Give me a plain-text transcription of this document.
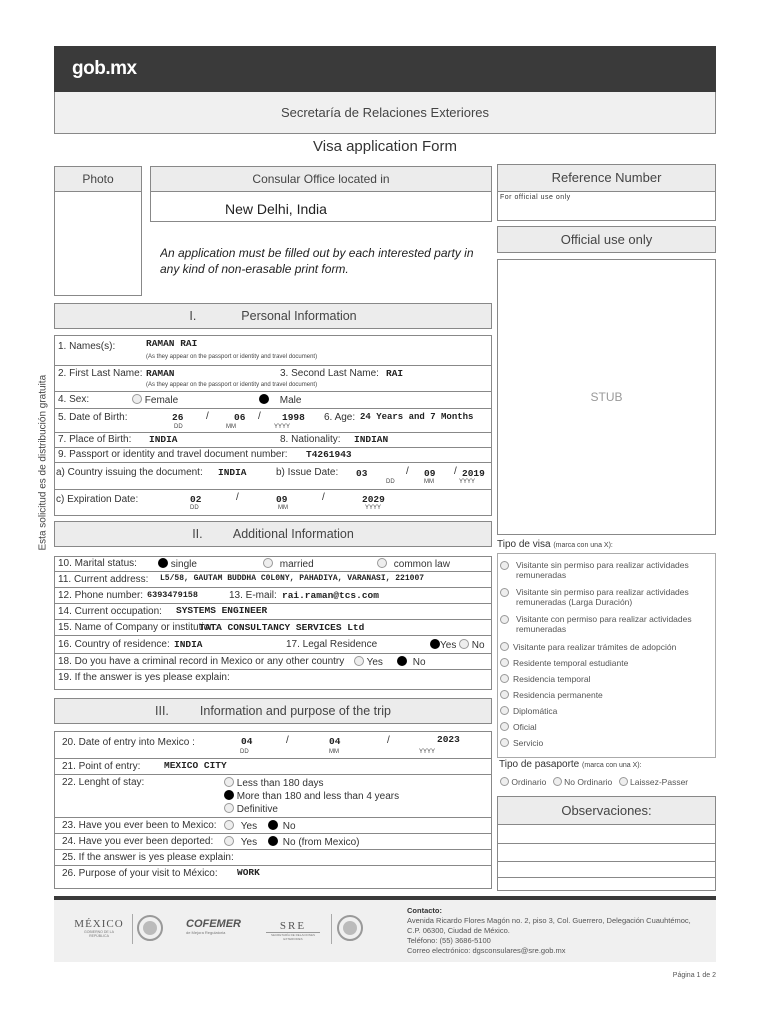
gob.mx
Secretaría de Relaciones Exteriores
Visa application Form
Esta solicitud es de distribución gratuita
Photo	Consular Office located in
New Delhi, India
An application must be filled out by each interested party in any kind of non-erasable print form.
Reference Number
For official use only
Official use only
STUB
I.	Personal Information
1. Names(s):	RAMAN RAI
(As they appear on the passport or identity and travel document)
2. First Last Name: RAMAN	3. Second Last Name: RAI
(As they appear on the passport or identity and travel document)
4. Sex:	Female	Male
5. Date of Birth:	26
DD
/	06
MM
/ 1998
YYYY
6. Age: 24 Years and 7 Months
7. Place of Birth: INDIA	8. Nationality: INDIAN
9. Passport or identity and travel document number: T4261943
a) Country issuing the document: INDIA	b) Issue Date: 03
DD
/ 09
MM
/ 2019
YYYY
c) Expiration Date:	02
DD
/	09
MM
/	2029
YYYY
II. Additional Information
10. Marital status:	single	married	common law
11. Current address: L5/58, GAUTAM BUDDHA C0L0NY, PAHADIYA, VARANASI, 221007
12. Phone number: 6393479158	13. E-mail: rai.raman@tcs.com
14. Current occupation: SYSTEMS ENGINEER
15. Name of Company or institution:
TATA CONSULTANCY SERVICES Ltd
16. Country of residence: INDIA	17. Legal Residence	Yes	No
18. Do you have a criminal record in Mexico or any other country	Yes	No
19. If the answer is yes please explain:
III. Information and purpose of the trip
20. Date of entry into Mexico :	04
DD
/	04
MM
/	2023
YYYY
21. Point of entry: MEXICO CITY
22. Lenght of stay:	Less than 180 days
More than 180 and less than 4 years
Definitive
23. Have you ever been to Mexico:	Yes	No
24. Have you ever been deported:	Yes	No (from Mexico)
25. If the answer is yes please explain:
26. Purpose of your visit to México: WORK
Tipo de visa (marca con una X):
Visitante sin permiso para realizar actividades remuneradas
Visitante sin permiso para realizar actividades remuneradas (Larga Duración)
Visitante con permiso para realizar actividades remuneradas
Visitante para realizar trámites de adopción
Residente temporal estudiante
Residencia temporal
Residencia permanente
Diplomática
Oficial
Servicio
Tipo de pasaporte (marca con una X):
Ordinario No Ordinario Laissez-Passer
Observaciones:
MÉXICO
GOBIERNO DE LA REPÚBLICA
COFEMER
de Mejora Regulatoria
SRE
SECRETARÍA DE RELACIONES EXTERIORES
Contacto:
Avenida Ricardo Flores Magón no. 2, piso 3, Col. Guerrero, Delegación Cuauhtémoc,
C.P. 06300, Ciudad de México.
Teléfono: (55) 3686-5100
Correo electrónico: dgsconsulares@sre.gob.mx
Página 1 de 2
